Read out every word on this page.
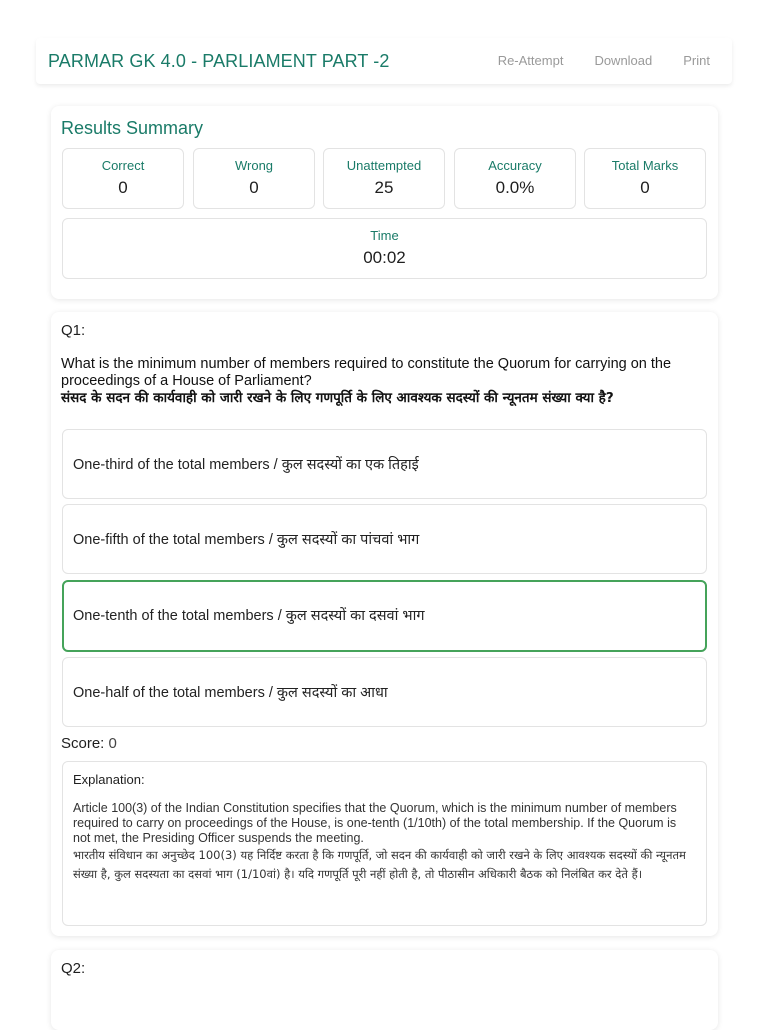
PARMAR GK 4.0 - PARLIAMENT PART -2	Re-Attempt Download Print
Results Summary
Correct
0
Wrong
0
Unattempted
25
Accuracy
0.0%
Total Marks
0
Time
00:02
Q1:
What is the minimum number of members required to constitute the Quorum for carrying on the proceedings of a House of Parliament?
संसद के सदन की कार्यवाही को जारी रखने के लिए गणपूर्ति के लिए आवश्यक सदस्यों की न्यूनतम संख्या क्या है?
One-third of the total members / कुल सदस्यों का एक तिहाई
One-fifth of the total members / कुल सदस्यों का पांचवां भाग
One-tenth of the total members / कुल सदस्यों का दसवां भाग
One-half of the total members / कुल सदस्यों का आधा
Score: 0
Explanation:
Article 100(3) of the Indian Constitution specifies that the Quorum, which is the minimum number of members required to carry on proceedings of the House, is one-tenth (1/10th) of the total membership. If the Quorum is not met, the Presiding Officer suspends the meeting.
भारतीय संविधान का अनुच्छेद 100(3) यह निर्दिष्ट करता है कि गणपूर्ति, जो सदन की कार्यवाही को जारी रखने के लिए आवश्यक सदस्यों की न्यूनतम संख्या है, कुल सदस्यता का दसवां भाग (1/10वां) है। यदि गणपूर्ति पूरी नहीं होती है, तो पीठासीन अधिकारी बैठक को निलंबित कर देते हैं।
Q2:
